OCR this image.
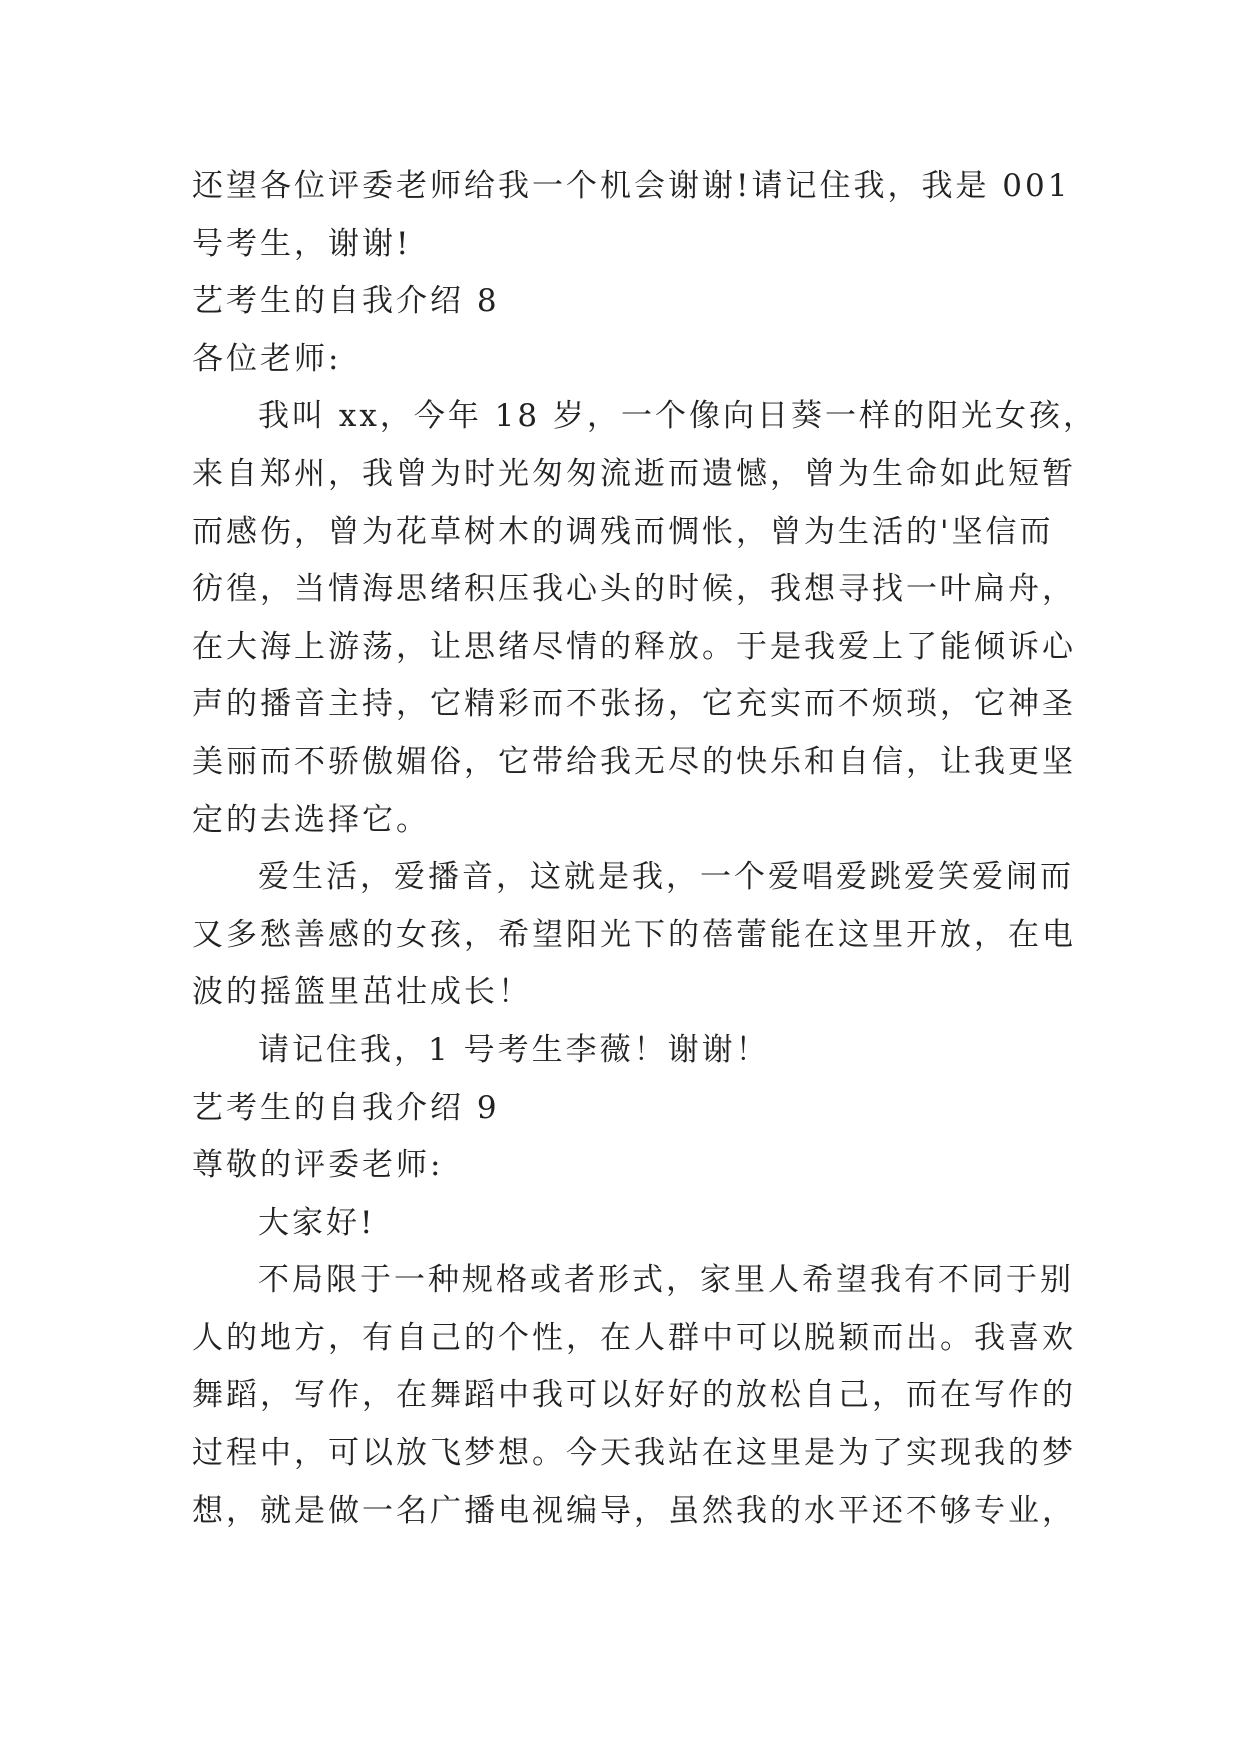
还望各位评委老师给我一个机会谢谢!请记住我，我是 001
号考生，谢谢!
艺考生的自我介绍 8
各位老师:
我叫 xx，今年 18 岁，一个像向日葵一样的阳光女孩，
来自郑州，我曾为时光匆匆流逝而遗憾，曾为生命如此短暂
而感伤，曾为花草树木的调残而惆怅，曾为生活的'坚信而
彷徨，当情海思绪积压我心头的时候，我想寻找一叶扁舟，
在大海上游荡，让思绪尽情的释放。于是我爱上了能倾诉心
声的播音主持，它精彩而不张扬，它充实而不烦琐，它神圣
美丽而不骄傲媚俗，它带给我无尽的快乐和自信，让我更坚
定的去选择它。
爱生活，爱播音，这就是我，一个爱唱爱跳爱笑爱闹而
又多愁善感的女孩，希望阳光下的蓓蕾能在这里开放，在电
波的摇篮里茁壮成长！
请记住我，1 号考生李薇！谢谢！
艺考生的自我介绍 9
尊敬的评委老师:
大家好!
不局限于一种规格或者形式，家里人希望我有不同于别
人的地方，有自己的个性，在人群中可以脱颖而出。我喜欢
舞蹈，写作，在舞蹈中我可以好好的放松自己，而在写作的
过程中，可以放飞梦想。今天我站在这里是为了实现我的梦
想，就是做一名广播电视编导，虽然我的水平还不够专业，
